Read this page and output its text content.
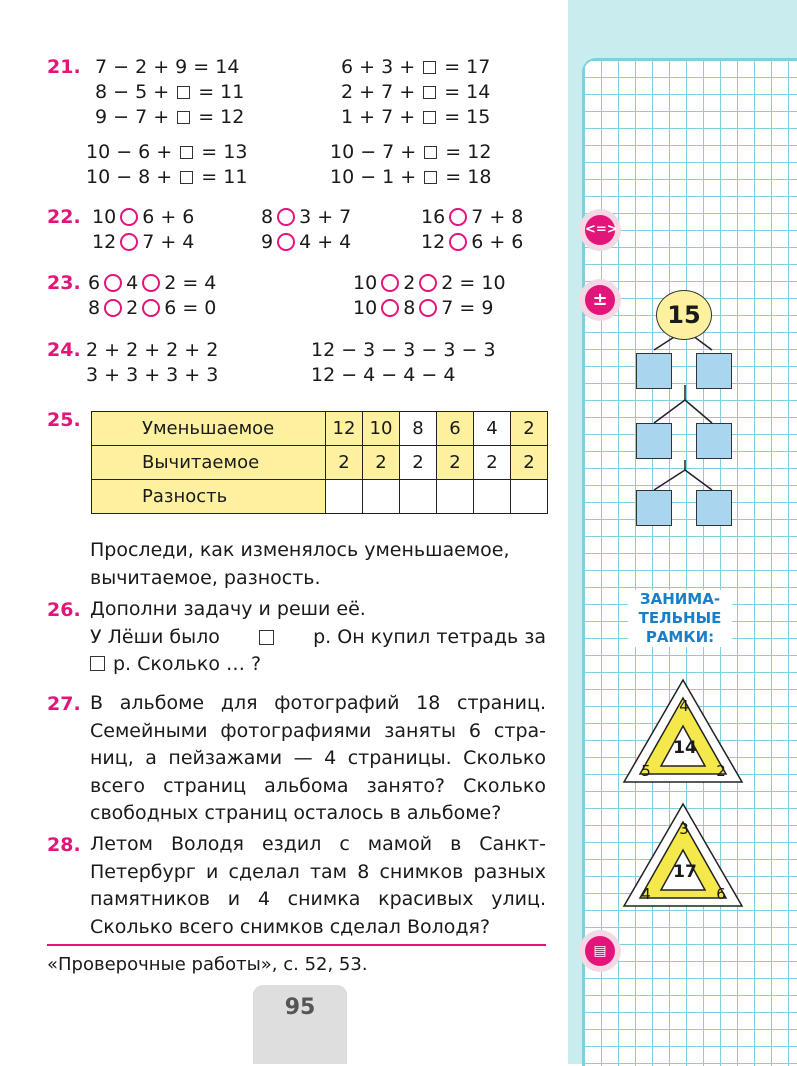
21. 7 − 2 + 9 = 14
8 − 5 +  = 11
9 − 7 +  = 12
10 − 6 +  = 13
10 − 8 +  = 11
6 + 3 +  = 17
2 + 7 +  = 14
1 + 7 +  = 15
10 − 7 +  = 12
10 − 1 +  = 18
22. 10 6 + 6	8 3 + 7	16 7 + 8
12 7 + 4	9 4 + 4	12 6 + 6
23. 6 4 2 = 4	10 2 2 = 10
8 2 6 = 0	10 8 7 = 9
24. 2 + 2 + 2 + 2
3 + 3 + 3 + 3
12 − 3 − 3 − 3 − 3
12 − 4 − 4 − 4
25.	Уменьшаемое	12	10	8	6	4	2
Вычитаемое	2	2	2	2	2	2
Разность						
Проследи, как изменялось уменьшаемое,
вычитаемое, разность.
26. Дополни задачу и реши её.
У Лёши было	р. Он купил тетрадь за
р. Сколько … ?
27. В альбоме для фотографий 18 страниц.
Семейными фотографиями заняты 6 стра-
ниц, а пейзажами — 4 страницы. Сколько
всего страниц альбома занято? Сколько
свободных страниц осталось в альбоме?
28. Летом Володя ездил с мамой в Санкт-
Петербург и сделал там 8 снимков разных
памятников и 4 снимка красивых улиц.
Сколько всего снимков сделал Володя?
«Проверочные работы», с. 52, 53.
95
<=>
±
▤
15
ЗАНИМА-
ТЕЛЬНЫЕ
РАМКИ:
14
4
5	2
17
3
4	6
